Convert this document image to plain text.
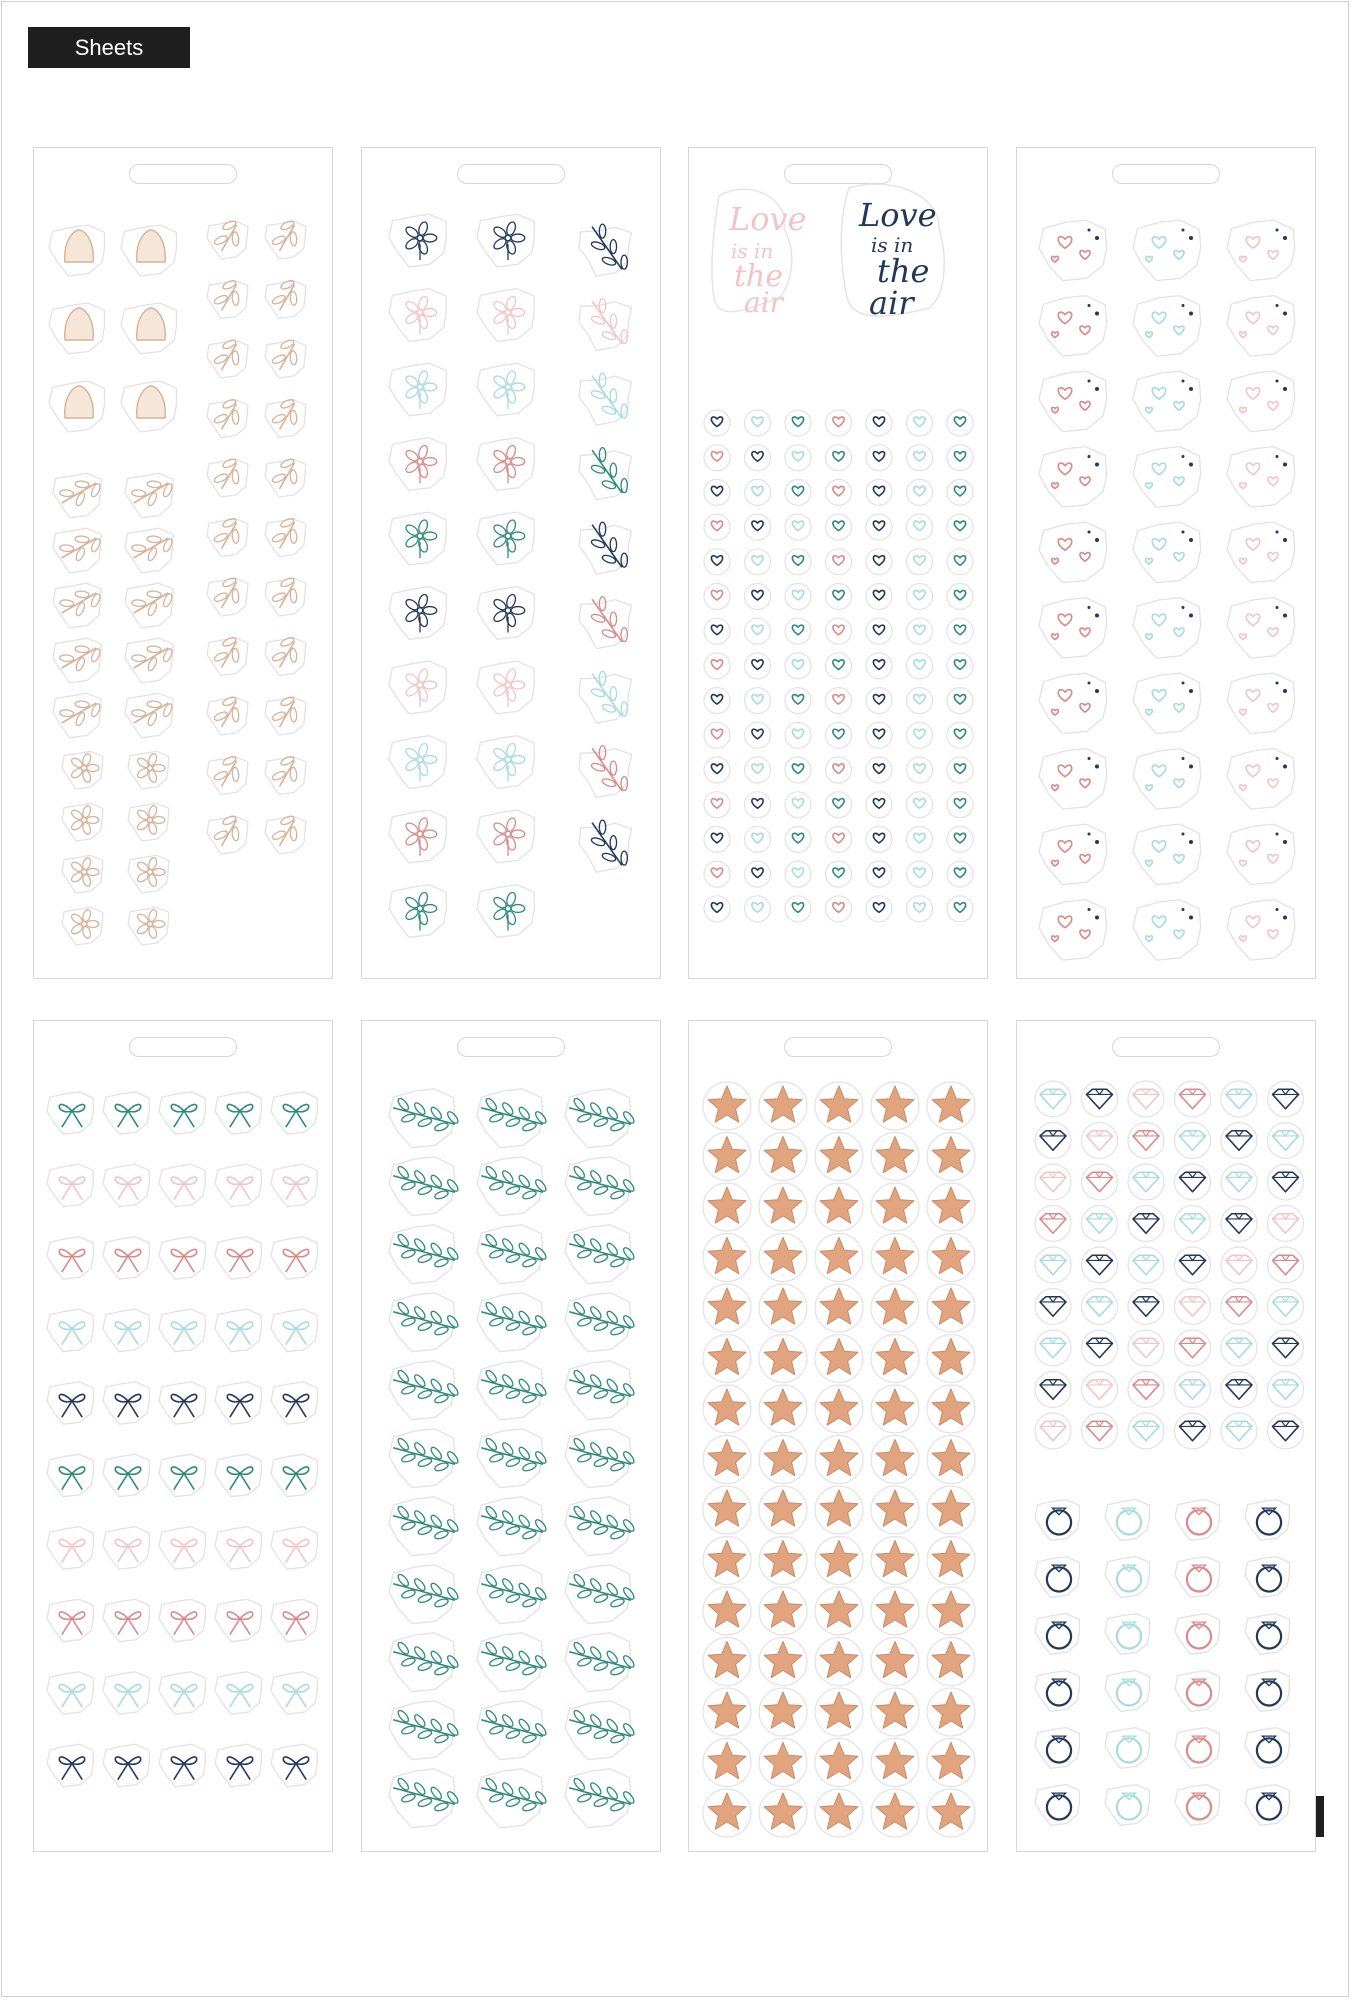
Sheets
Love
is in
the
air
Love
is in
the
air
